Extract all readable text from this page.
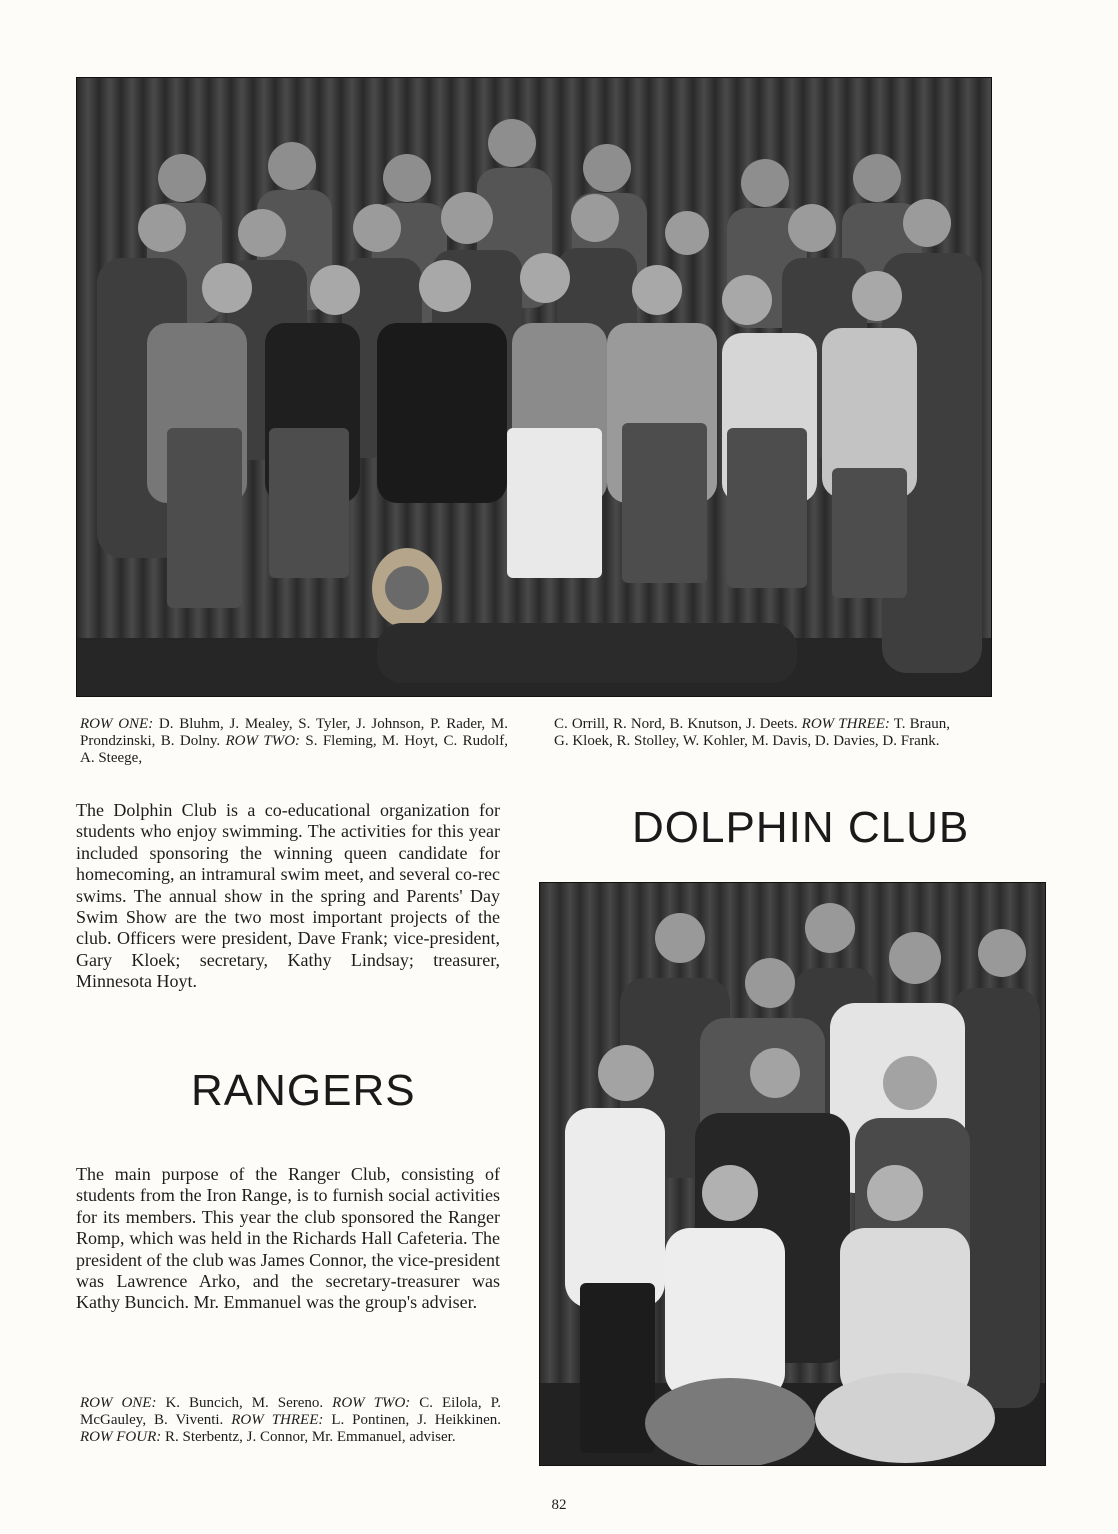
ROW ONE: D. Bluhm, J. Mealey, S. Tyler, J. Johnson, P. Rader, M. Prondzinski, B. Dolny. ROW TWO: S. Fleming, M. Hoyt, C. Rudolf, A. Steege,

C. Orrill, R. Nord, B. Knutson, J. Deets. ROW THREE: T. Braun, G. Kloek, R. Stolley, W. Kohler, M. Davis, D. Davies, D. Frank.

The Dolphin Club is a co-educational organization for students who enjoy swimming. The activities for this year included sponsoring the winning queen candidate for homecoming, an intramural swim meet, and several co-rec swims. The annual show in the spring and Parents' Day Swim Show are the two most important projects of the club. Officers were president, Dave Frank; vice-president, Gary Kloek; secretary, Kathy Lindsay; treasurer, Minnesota Hoyt.

DOLPHIN CLUB
RANGERS

The main purpose of the Ranger Club, consisting of students from the Iron Range, is to furnish social activities for its members. This year the club sponsored the Ranger Romp, which was held in the Richards Hall Cafeteria. The president of the club was James Connor, the vice-president was Lawrence Arko, and the secretary-treasurer was Kathy Buncich. Mr. Emmanuel was the group's adviser.

ROW ONE: K. Buncich, M. Sereno. ROW TWO: C. Eilola, P. McGauley, B. Viventi. ROW THREE: L. Pontinen, J. Heikkinen. ROW FOUR: R. Sterbentz, J. Connor, Mr. Emmanuel, adviser.

82
